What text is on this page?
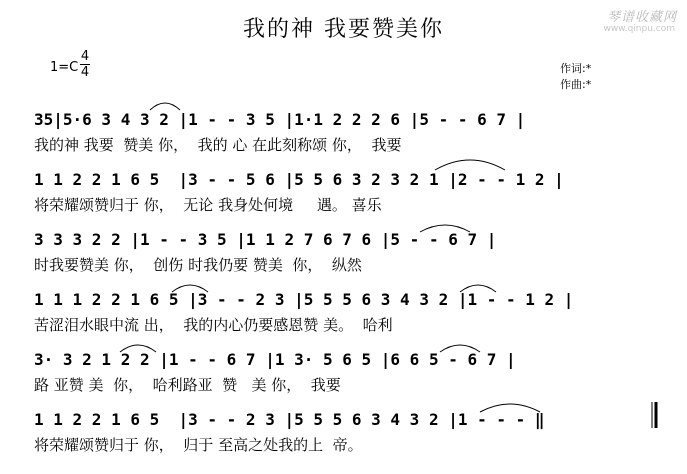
我的神 我要赞美你	琴谱收藏网
www.qinpu.com
1=C
4
4	作词:*
作曲:*
35|5·6 3 4 3 2 |1 - - 3 5 |1·1 2 2 2 6 |5 - - 6 7 |
我的神 我要  赞美 你，  我的 心 在此刻称颂 你，  我要
1 1 2 2 1 6 5  |3 - - 5 6 |5 5 6 3 2 3 2 1 |2 - - 1 2 |
将荣耀颂赞归于 你，  无论 我身处何境     遇。 喜乐
3 3 3 2 2 |1 - - 3 5 |1 1 2 7 6 7 6 |5 - - 6 7 |
时我要赞美 你，  创伤 时我仍要 赞美  你，  纵然
1 1 1 2 2 1 6 5 |3 - - 2 3 |5 5 5 6 3 4 3 2 |1 - - 1 2 |
苦涩泪水眼中流 出，  我的内心仍要感恩赞 美。  哈利
3· 3 2 1 2 2 |1 - - 6 7 |1 3· 5 6 5 |6 6 5 - 6 7 |
路 亚赞 美  你，  哈利路亚  赞   美 你，  我要
1 1 2 2 1 6 5  |3 - - 2 3 |5 5 5 6 3 4 3 2 |1 - - - ‖
将荣耀颂赞归于 你，  归于 至高之处我的上  帝。
